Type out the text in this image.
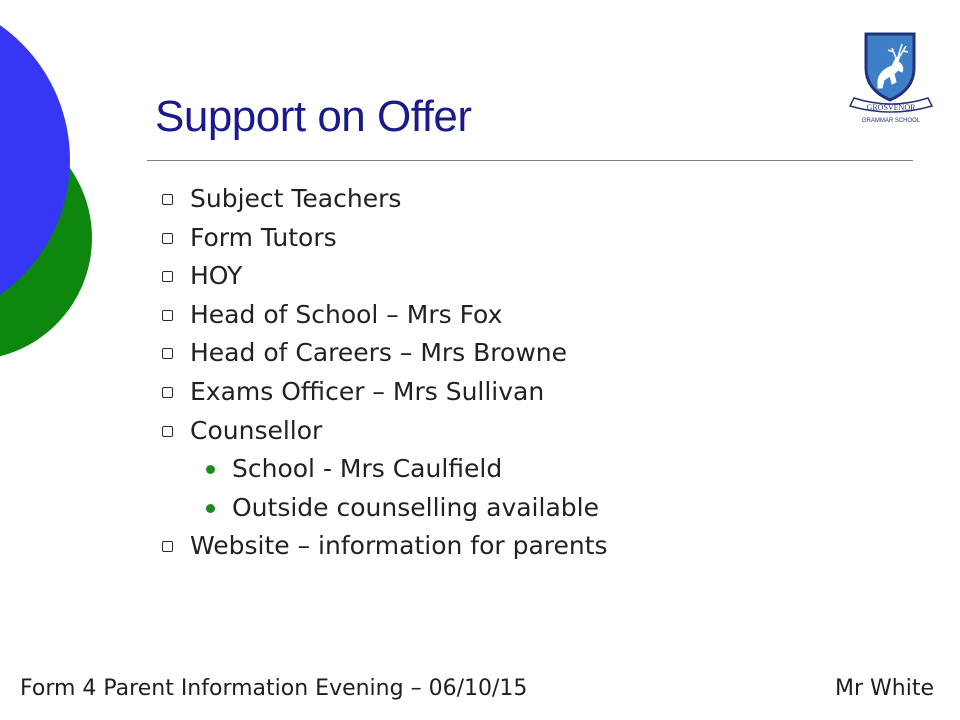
GROSVENOR
GRAMMAR SCHOOL
Support on Offer
Subject Teachers
Form Tutors
HOY
Head of School – Mrs Fox
Head of Careers – Mrs Browne
Exams Officer – Mrs Sullivan
Counsellor
School - Mrs Caulfield
Outside counselling available
Website – information for parents
Form 4 Parent Information Evening – 06/10/15	Mr White
